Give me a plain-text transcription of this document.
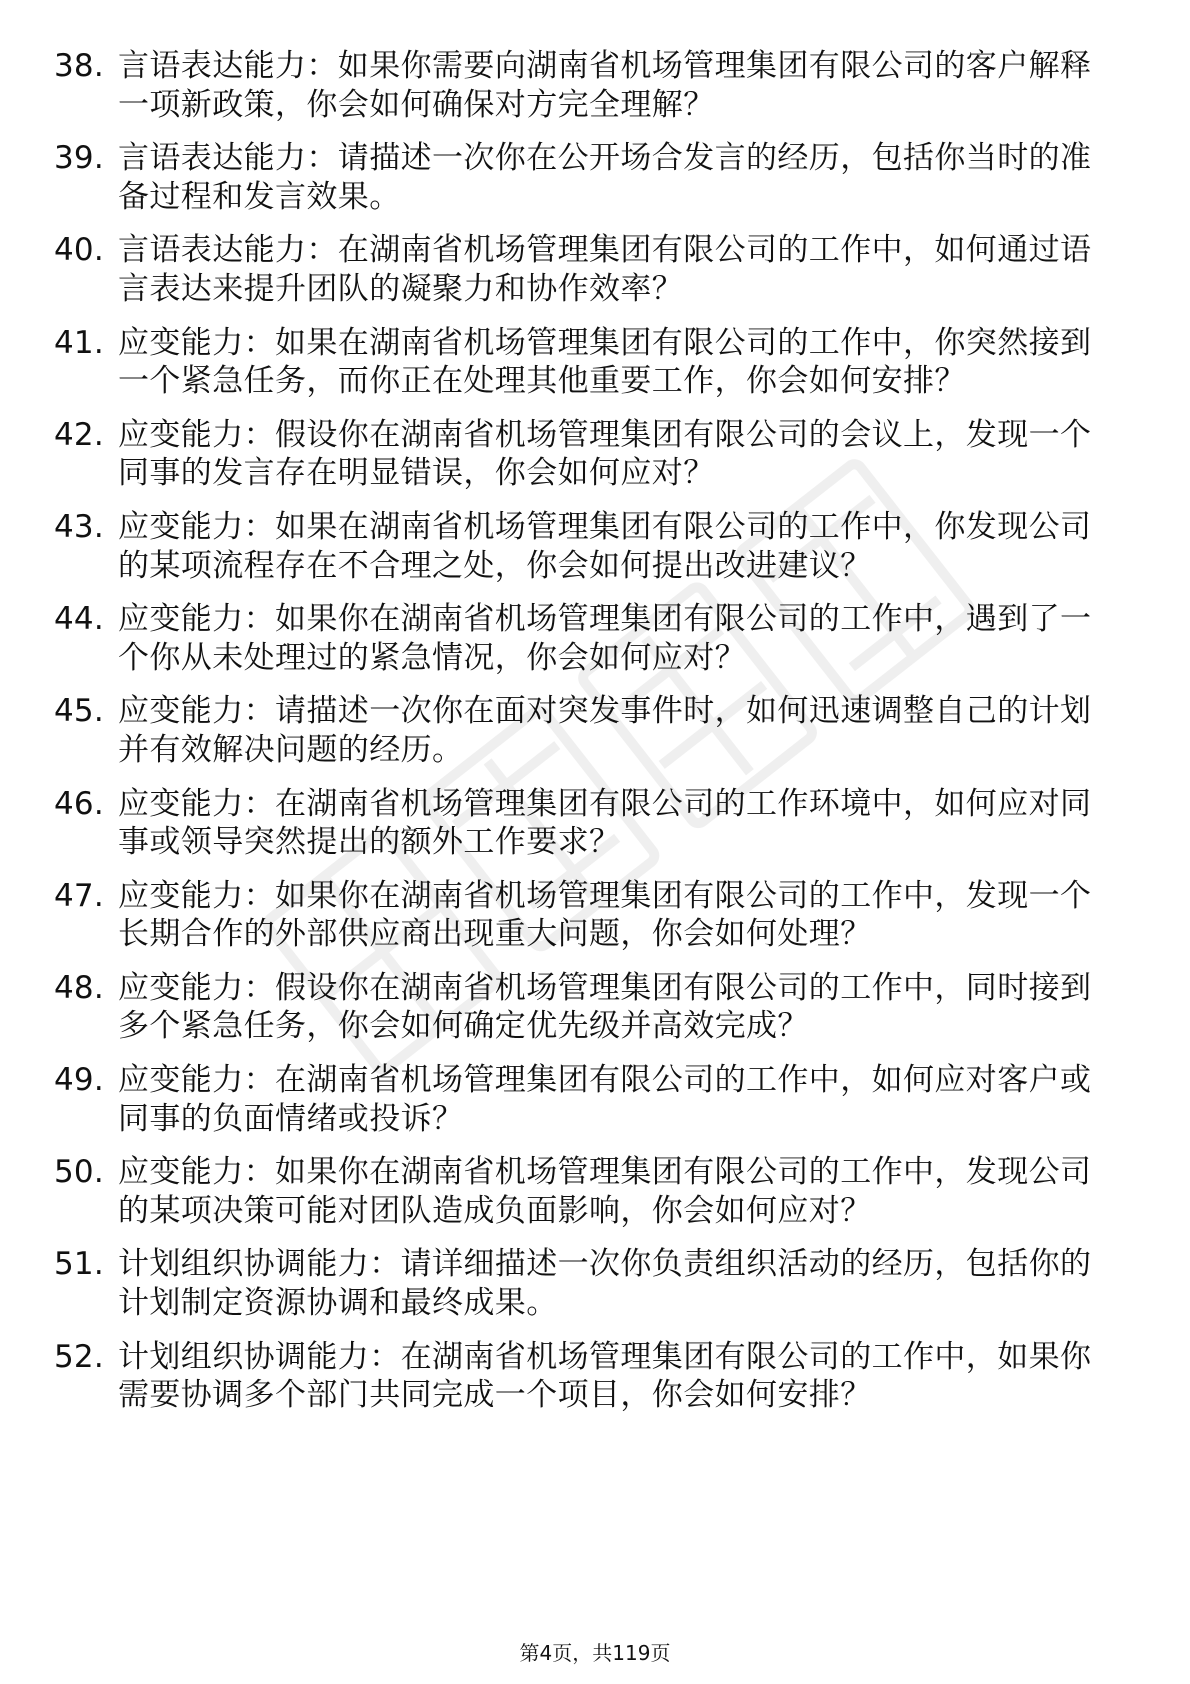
38. 言语表达能力：如果你需要向湖南省机场管理集团有限公司的客户解释一项新政策，你会如何确保对方完全理解？
39. 言语表达能力：请描述一次你在公开场合发言的经历，包括你当时的准备过程和发言效果。
40. 言语表达能力：在湖南省机场管理集团有限公司的工作中，如何通过语言表达来提升团队的凝聚力和协作效率？
41. 应变能力：如果在湖南省机场管理集团有限公司的工作中，你突然接到一个紧急任务，而你正在处理其他重要工作，你会如何安排？
42. 应变能力：假设你在湖南省机场管理集团有限公司的会议上，发现一个同事的发言存在明显错误，你会如何应对？
43. 应变能力：如果在湖南省机场管理集团有限公司的工作中，你发现公司的某项流程存在不合理之处，你会如何提出改进建议？
44. 应变能力：如果你在湖南省机场管理集团有限公司的工作中，遇到了一个你从未处理过的紧急情况，你会如何应对？
45. 应变能力：请描述一次你在面对突发事件时，如何迅速调整自己的计划并有效解决问题的经历。
46. 应变能力：在湖南省机场管理集团有限公司的工作环境中，如何应对同事或领导突然提出的额外工作要求？
47. 应变能力：如果你在湖南省机场管理集团有限公司的工作中，发现一个长期合作的外部供应商出现重大问题，你会如何处理？
48. 应变能力：假设你在湖南省机场管理集团有限公司的工作中，同时接到多个紧急任务，你会如何确定优先级并高效完成？
49. 应变能力：在湖南省机场管理集团有限公司的工作中，如何应对客户或同事的负面情绪或投诉？
50. 应变能力：如果你在湖南省机场管理集团有限公司的工作中，发现公司的某项决策可能对团队造成负面影响，你会如何应对？
51. 计划组织协调能力：请详细描述一次你负责组织活动的经历，包括你的计划制定资源协调和最终成果。
52. 计划组织协调能力：在湖南省机场管理集团有限公司的工作中，如果你需要协调多个部门共同完成一个项目，你会如何安排？
第4页，共119页
